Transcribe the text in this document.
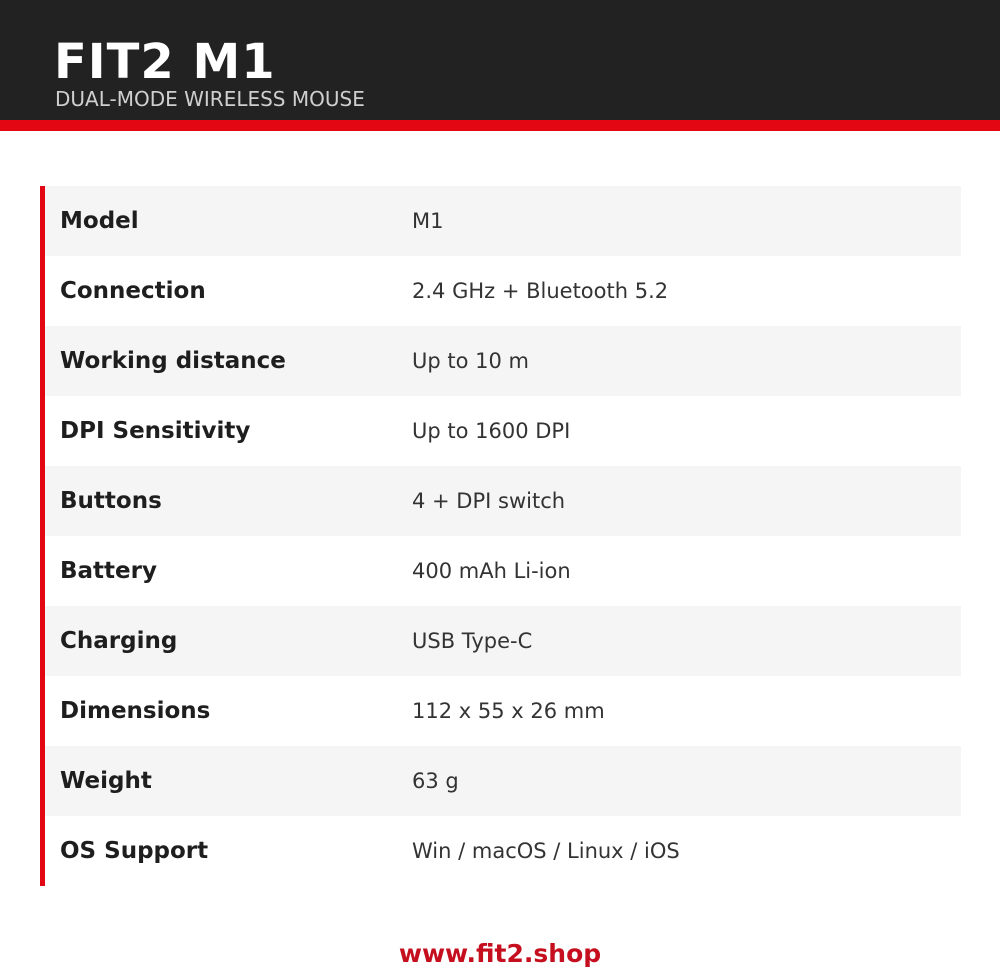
FIT2 M1

DUAL-MODE WIRELESS MOUSE

Model	M1
Connection	2.4 GHz + Bluetooth 5.2
Working distance	Up to 10 m
DPI Sensitivity	Up to 1600 DPI
Buttons	4 + DPI switch
Battery	400 mAh Li-ion
Charging	USB Type-C
Dimensions	112 x 55 x 26 mm
Weight	63 g
OS Support	Win / macOS / Linux / iOS
www.fit2.shop
